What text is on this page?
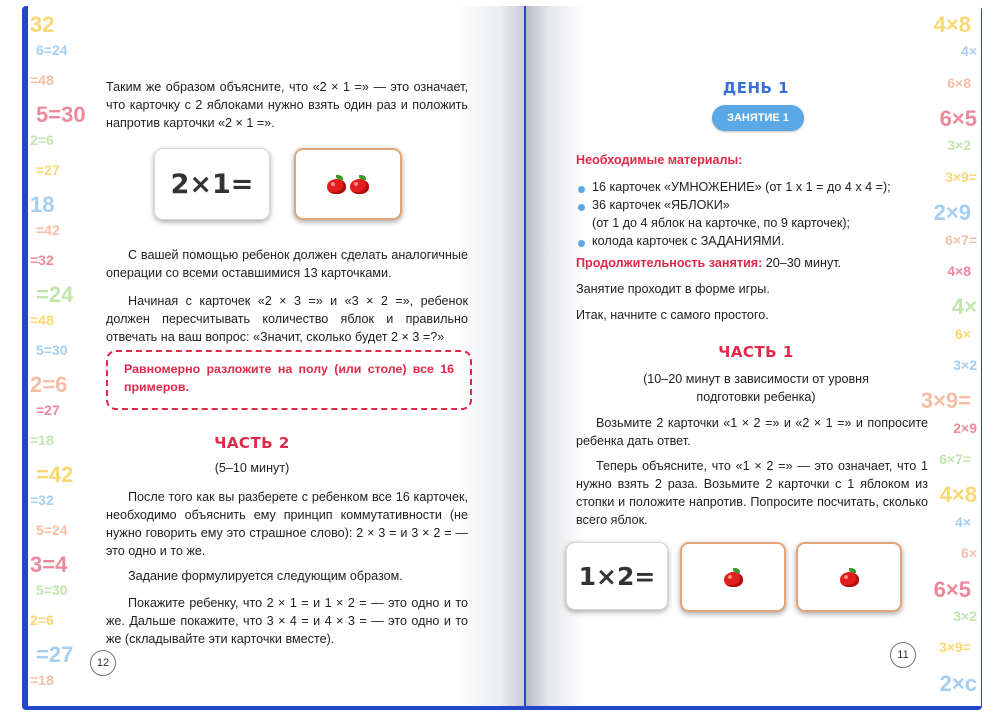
32
6=24
=48
5=30
2=6
=27
18
=42
=32
=24
=48
5=30
2=6
=27
=18
=42
=32
5=24
3=4
5=30
2=6
=27
=18

Таким же образом объясните, что «2 × 1 =» — это означает, что карточку с 2 яблоками нужно взять один раз и положить напротив карточки «2 × 1 =».

2×1=

С вашей помощью ребенок должен сделать аналогичные операции со всеми оставшимися 13 карточками.

Начиная с карточек «2 × 3 =» и «3 × 2 =», ребенок должен пересчитывать количество яблок и правильно отвечать на ваш вопрос: «Значит, сколько будет 2 × 3 =?»

Равномерно разложите на полу (или столе) все 16 примеров.
ЧАСТЬ 2

(5–10 минут)

После того как вы разберете с ребенком все 16 карточек, необходимо объяснить ему принцип коммутативности (не нужно говорить ему это страшное слово): 2 × 3 = и 3 × 2 = — это одно и то же.

Задание формулируется следующим образом.

Покажите ребенку, что 2 × 1 = и 1 × 2 = — это одно и то же. Дальше покажите, что 3 × 4 = и 4 × 3 = — это одно и то же (складывайте эти карточки вместе).

12
4×8
4×
6×8
6×5
3×2
3×9=
2×9
6×7=
4×8
4×
6×
3×2
3×9=
2×9
6×7=
4×8
4×
6×
6×5
3×2
3×9=
2×с
ДЕНЬ 1
ЗАНЯТИЕ 1

Необходимые материалы:

16 карточек «УМНОЖЕНИЕ» (от 1 х 1 = до 4 х 4 =);

36 карточек «ЯБЛОКИ»

(от 1 до 4 яблок на карточке, по 9 карточек);

колода карточек с ЗАДАНИЯМИ.

Продолжительность занятия: 20–30 минут.

Занятие проходит в форме игры.

Итак, начните с самого простого.

ЧАСТЬ 1

(10–20 минут в зависимости от уровня

подготовки ребенка)

Возьмите 2 карточки «1 × 2 =» и «2 × 1 =» и попросите ребенка дать ответ.

Теперь объясните, что «1 × 2 =» — это означает, что 1 нужно взять 2 раза. Возьмите 2 карточки с 1 яблоком из стопки и положите напротив. Попросите посчитать, сколько всего яблок.

1×2=
11
